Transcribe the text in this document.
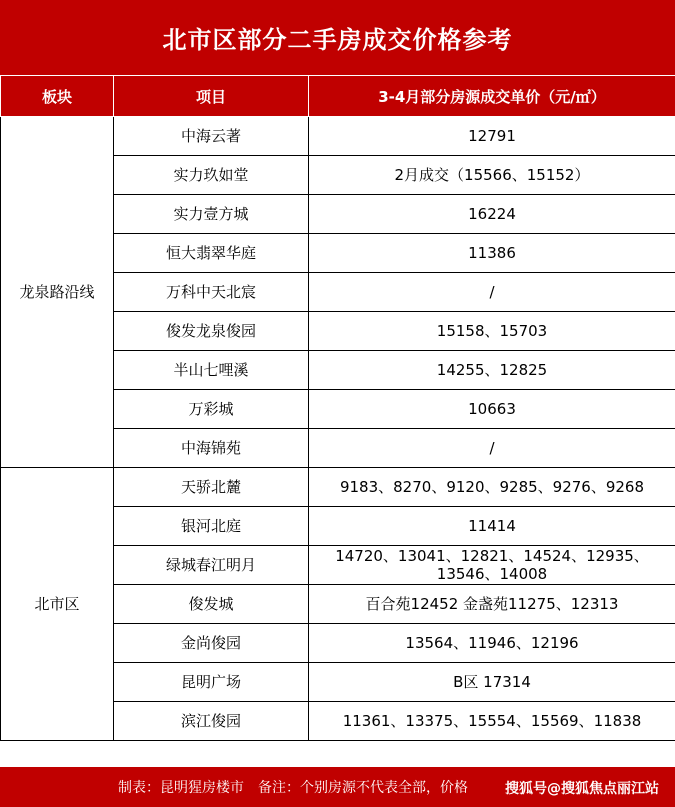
北市区部分二手房成交价格参考
板块	项目	3-4月部分房源成交单价（元/㎡）
龙泉路沿线	中海云著	12791
	实力玖如堂	2月成交（15566、15152）
	实力壹方城	16224
	恒大翡翠华庭	11386
	万科中天北宸	/
	俊发龙泉俊园	15158、15703
	半山七哩溪	14255、12825
	万彩城	10663
	中海锦苑	/
北市区	天骄北麓	9183、8270、9120、9285、9276、9268
	银河北庭	11414
	绿城春江明月	14720、13041、12821、14524、12935、13546、14008
	俊发城	百合苑12452 金盏苑11275、12313
	金尚俊园	13564、11946、12196
	昆明广场	B区 17314
	滨江俊园	11361、13375、15554、15569、11838
制表：昆明猩房楼市 备注：个别房源不代表全部，价格	搜狐号@搜狐焦点丽江站
